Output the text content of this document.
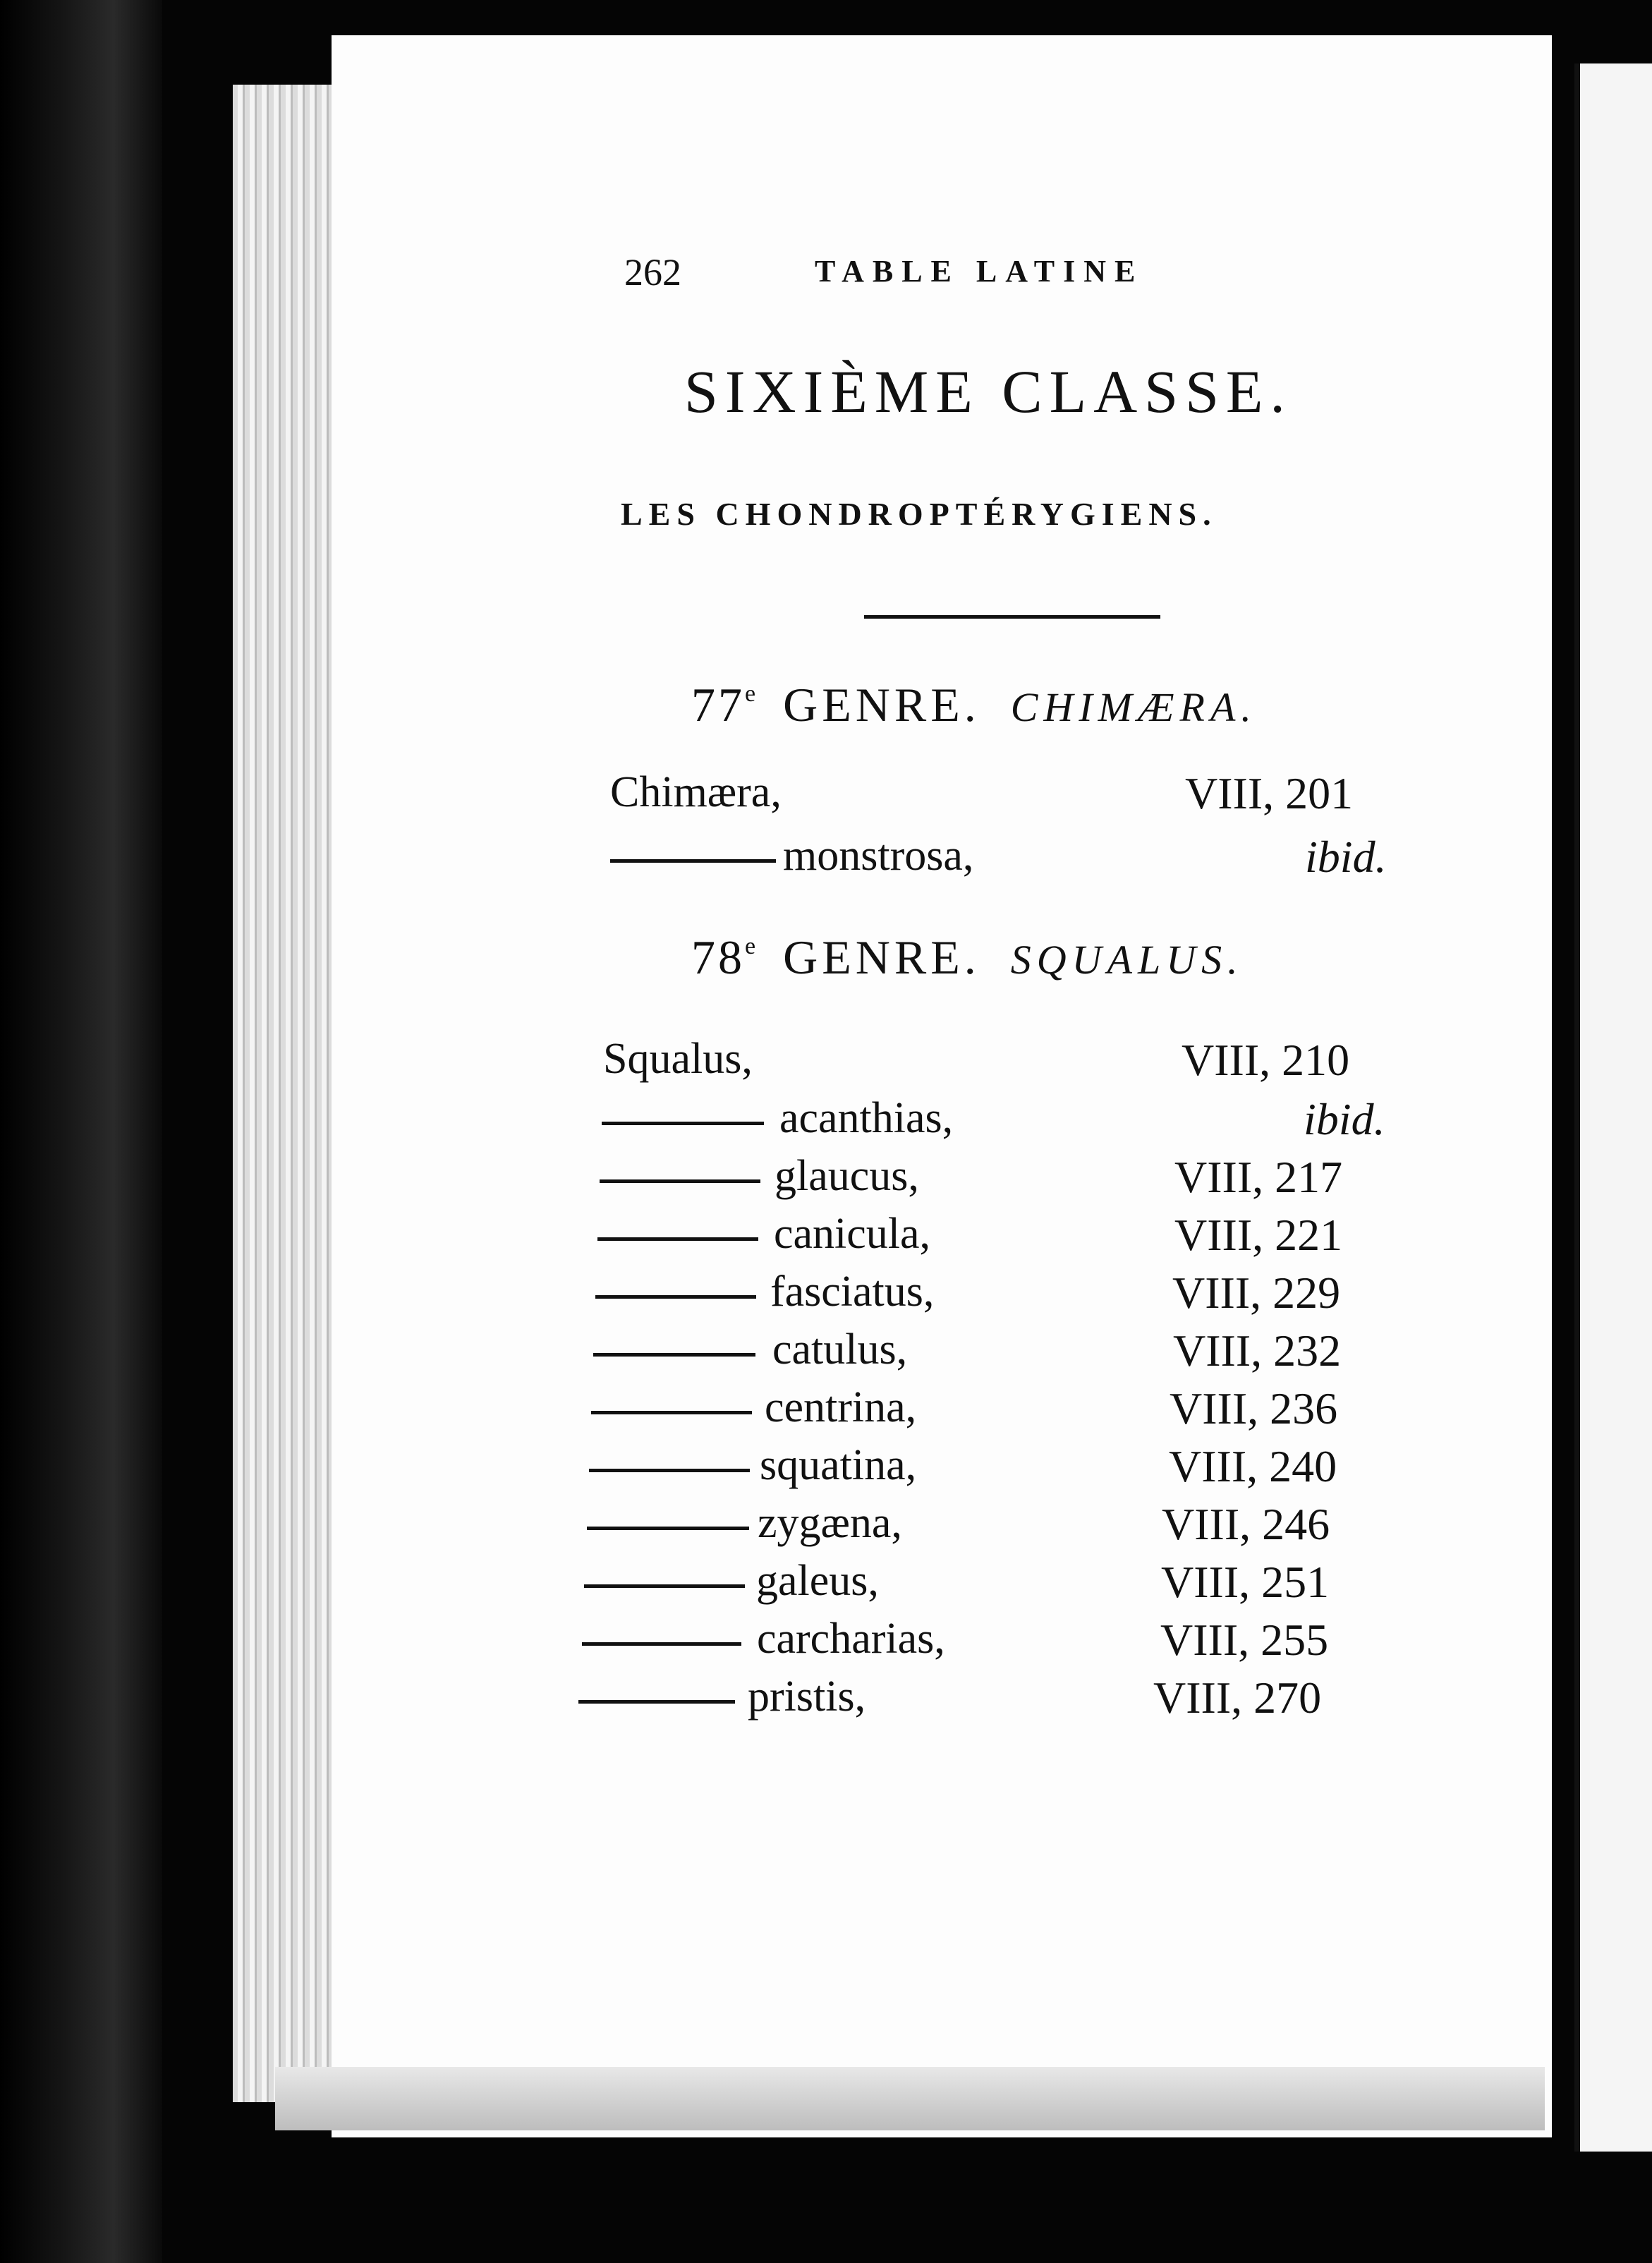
262	TABLE LATINE
SIXIÈME CLASSE.
LES CHONDROPTÉRYGIENS.
77e GENRE. CHIMÆRA.
Chimæra,	VIII, 201
monstrosa,	ibid.
78e GENRE. SQUALUS.
Squalus,	VIII, 210
acanthias,	ibid.
glaucus,	VIII, 217
canicula,	VIII, 221
fasciatus,	VIII, 229
catulus,	VIII, 232
centrina,	VIII, 236
squatina,	VIII, 240
zygæna,	VIII, 246
galeus,	VIII, 251
carcharias,	VIII, 255
pristis,	VIII, 270
